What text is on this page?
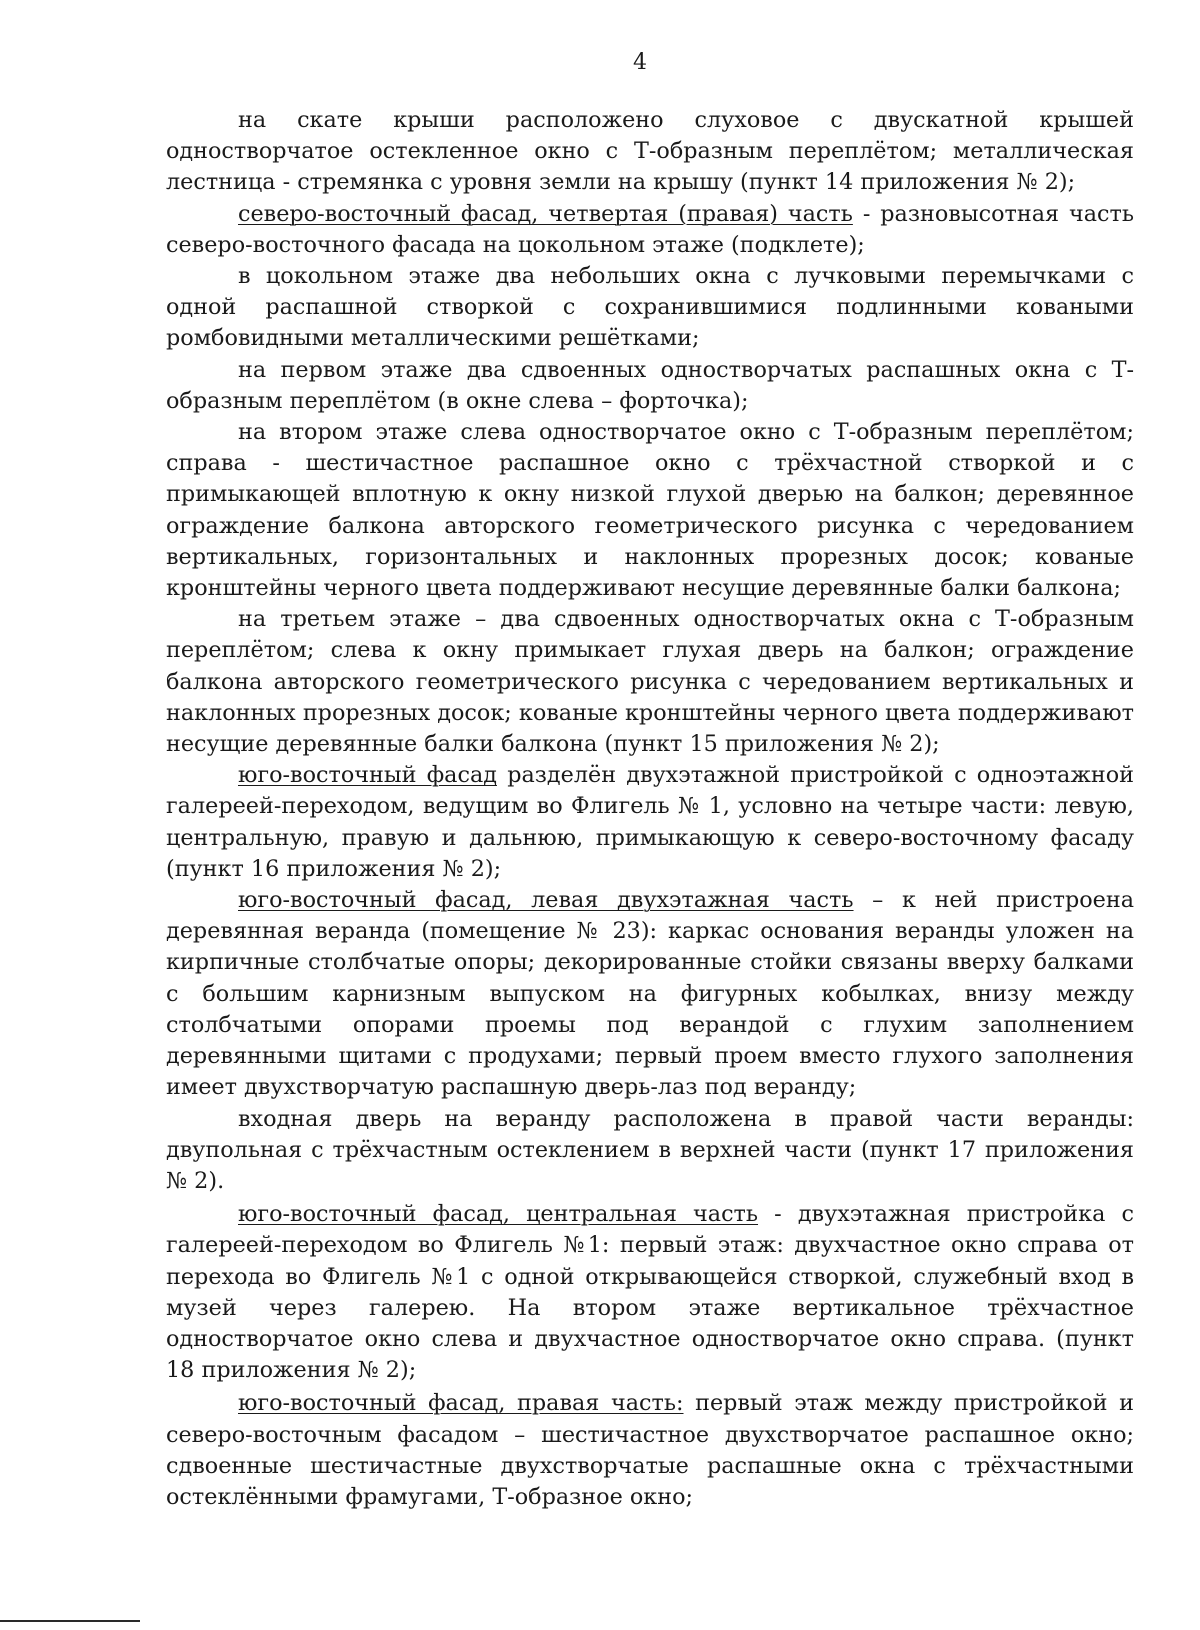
4

на скате крыши расположено слуховое с двускатной крышей одностворчатое остекленное окно с Т-образным переплётом; металлическая лестница - стремянка с уровня земли на крышу (пункт 14 приложения № 2);

северо-восточный фасад, четвертая (правая) часть - разновысотная часть северо-восточного фасада на цокольном этаже (подклете);

в цокольном этаже два небольших окна с лучковыми перемычками с одной распашной створкой с сохранившимися подлинными коваными ромбовидными металлическими решётками;

на первом этаже два сдвоенных одностворчатых распашных окна с Т-образным переплётом (в окне слева – форточка);

на втором этаже слева одностворчатое окно с Т-образным переплётом; справа - шестичастное распашное окно с трёхчастной створкой и с примыкающей вплотную к окну низкой глухой дверью на балкон; деревянное ограждение балкона авторского геометрического рисунка с чередованием вертикальных, горизонтальных и наклонных прорезных досок; кованые кронштейны черного цвета поддерживают несущие деревянные балки балкона;

на третьем этаже – два сдвоенных одностворчатых окна с Т-образным переплётом; слева к окну примыкает глухая дверь на балкон; ограждение балкона авторского геометрического рисунка с чередованием вертикальных и наклонных прорезных досок; кованые кронштейны черного цвета поддерживают несущие деревянные балки балкона (пункт 15 приложения № 2);

юго-восточный фасад разделён двухэтажной пристройкой с одноэтажной галереей-переходом, ведущим во Флигель № 1, условно на четыре части: левую, центральную, правую и дальнюю, примыкающую к северо-восточному фасаду (пункт 16 приложения № 2);

юго-восточный фасад, левая двухэтажная часть – к ней пристроена деревянная веранда (помещение № 23): каркас основания веранды уложен на кирпичные столбчатые опоры; декорированные стойки связаны вверху балками с большим карнизным выпуском на фигурных кобылках, внизу между столбчатыми опорами проемы под верандой с глухим заполнением деревянными щитами с продухами; первый проем вместо глухого заполнения имеет двухстворчатую распашную дверь-лаз под веранду;

входная дверь на веранду расположена в правой части веранды: двупольная с трёхчастным остеклением в верхней части (пункт 17 приложения № 2).

юго-восточный фасад, центральная часть - двухэтажная пристройка с галереей-переходом во Флигель №1: первый этаж: двухчастное окно справа от перехода во Флигель №1 с одной открывающейся створкой, служебный вход в музей через галерею. На втором этаже вертикальное трёхчастное одностворчатое окно слева и двухчастное одностворчатое окно справа. (пункт 18 приложения № 2);

юго-восточный фасад, правая часть: первый этаж между пристройкой и северо-восточным фасадом – шестичастное двухстворчатое распашное окно; сдвоенные шестичастные двухстворчатые распашные окна с трёхчастными остеклёнными фрамугами, Т-образное окно;
